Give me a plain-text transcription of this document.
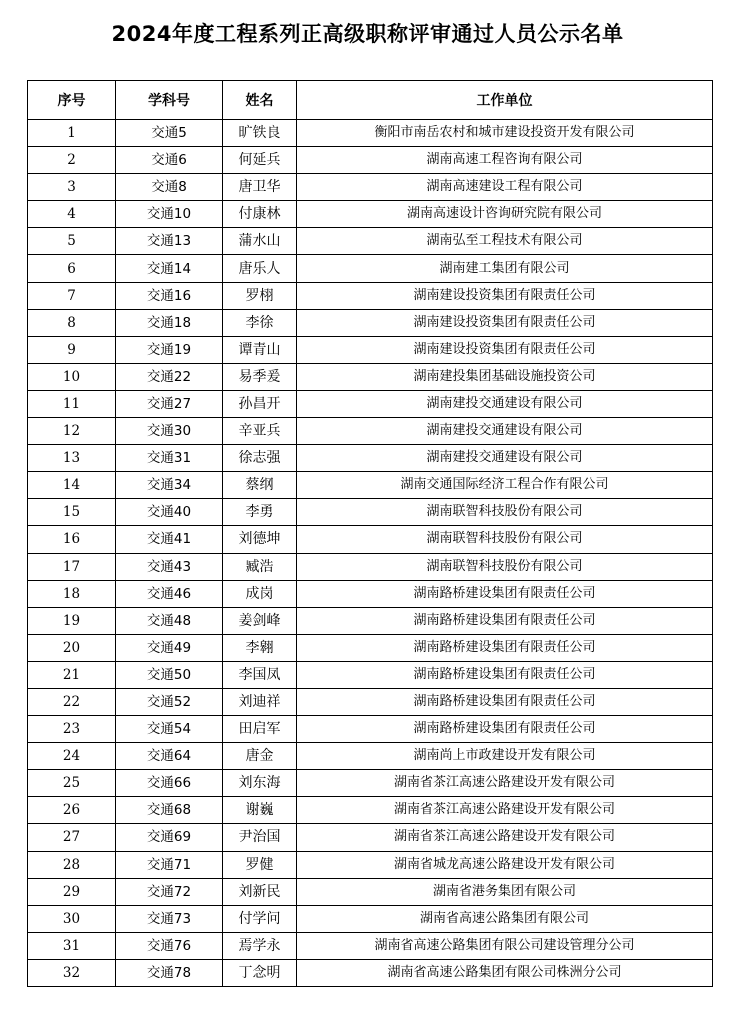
2024年度工程系列正高级职称评审通过人员公示名单
序号	学科号	姓名	工作单位
1	交通5	旷铁良	衡阳市南岳农村和城市建设投资开发有限公司
2	交通6	何延兵	湖南高速工程咨询有限公司
3	交通8	唐卫华	湖南高速建设工程有限公司
4	交通10	付康林	湖南高速设计咨询研究院有限公司
5	交通13	蒲水山	湖南弘至工程技术有限公司
6	交通14	唐乐人	湖南建工集团有限公司
7	交通16	罗栩	湖南建设投资集团有限责任公司
8	交通18	李徐	湖南建设投资集团有限责任公司
9	交通19	谭青山	湖南建设投资集团有限责任公司
10	交通22	易季爰	湖南建投集团基础设施投资公司
11	交通27	孙昌开	湖南建投交通建设有限公司
12	交通30	辛亚兵	湖南建投交通建设有限公司
13	交通31	徐志强	湖南建投交通建设有限公司
14	交通34	蔡纲	湖南交通国际经济工程合作有限公司
15	交通40	李勇	湖南联智科技股份有限公司
16	交通41	刘德坤	湖南联智科技股份有限公司
17	交通43	臧浩	湖南联智科技股份有限公司
18	交通46	成岗	湖南路桥建设集团有限责任公司
19	交通48	姜剑峰	湖南路桥建设集团有限责任公司
20	交通49	李翱	湖南路桥建设集团有限责任公司
21	交通50	李国凤	湖南路桥建设集团有限责任公司
22	交通52	刘迪祥	湖南路桥建设集团有限责任公司
23	交通54	田启军	湖南路桥建设集团有限责任公司
24	交通64	唐金	湖南尚上市政建设开发有限公司
25	交通66	刘东海	湖南省茶江高速公路建设开发有限公司
26	交通68	谢巍	湖南省茶江高速公路建设开发有限公司
27	交通69	尹治国	湖南省茶江高速公路建设开发有限公司
28	交通71	罗健	湖南省城龙高速公路建设开发有限公司
29	交通72	刘新民	湖南省港务集团有限公司
30	交通73	付学问	湖南省高速公路集团有限公司
31	交通76	焉学永	湖南省高速公路集团有限公司建设管理分公司
32	交通78	丁念明	湖南省高速公路集团有限公司株洲分公司
